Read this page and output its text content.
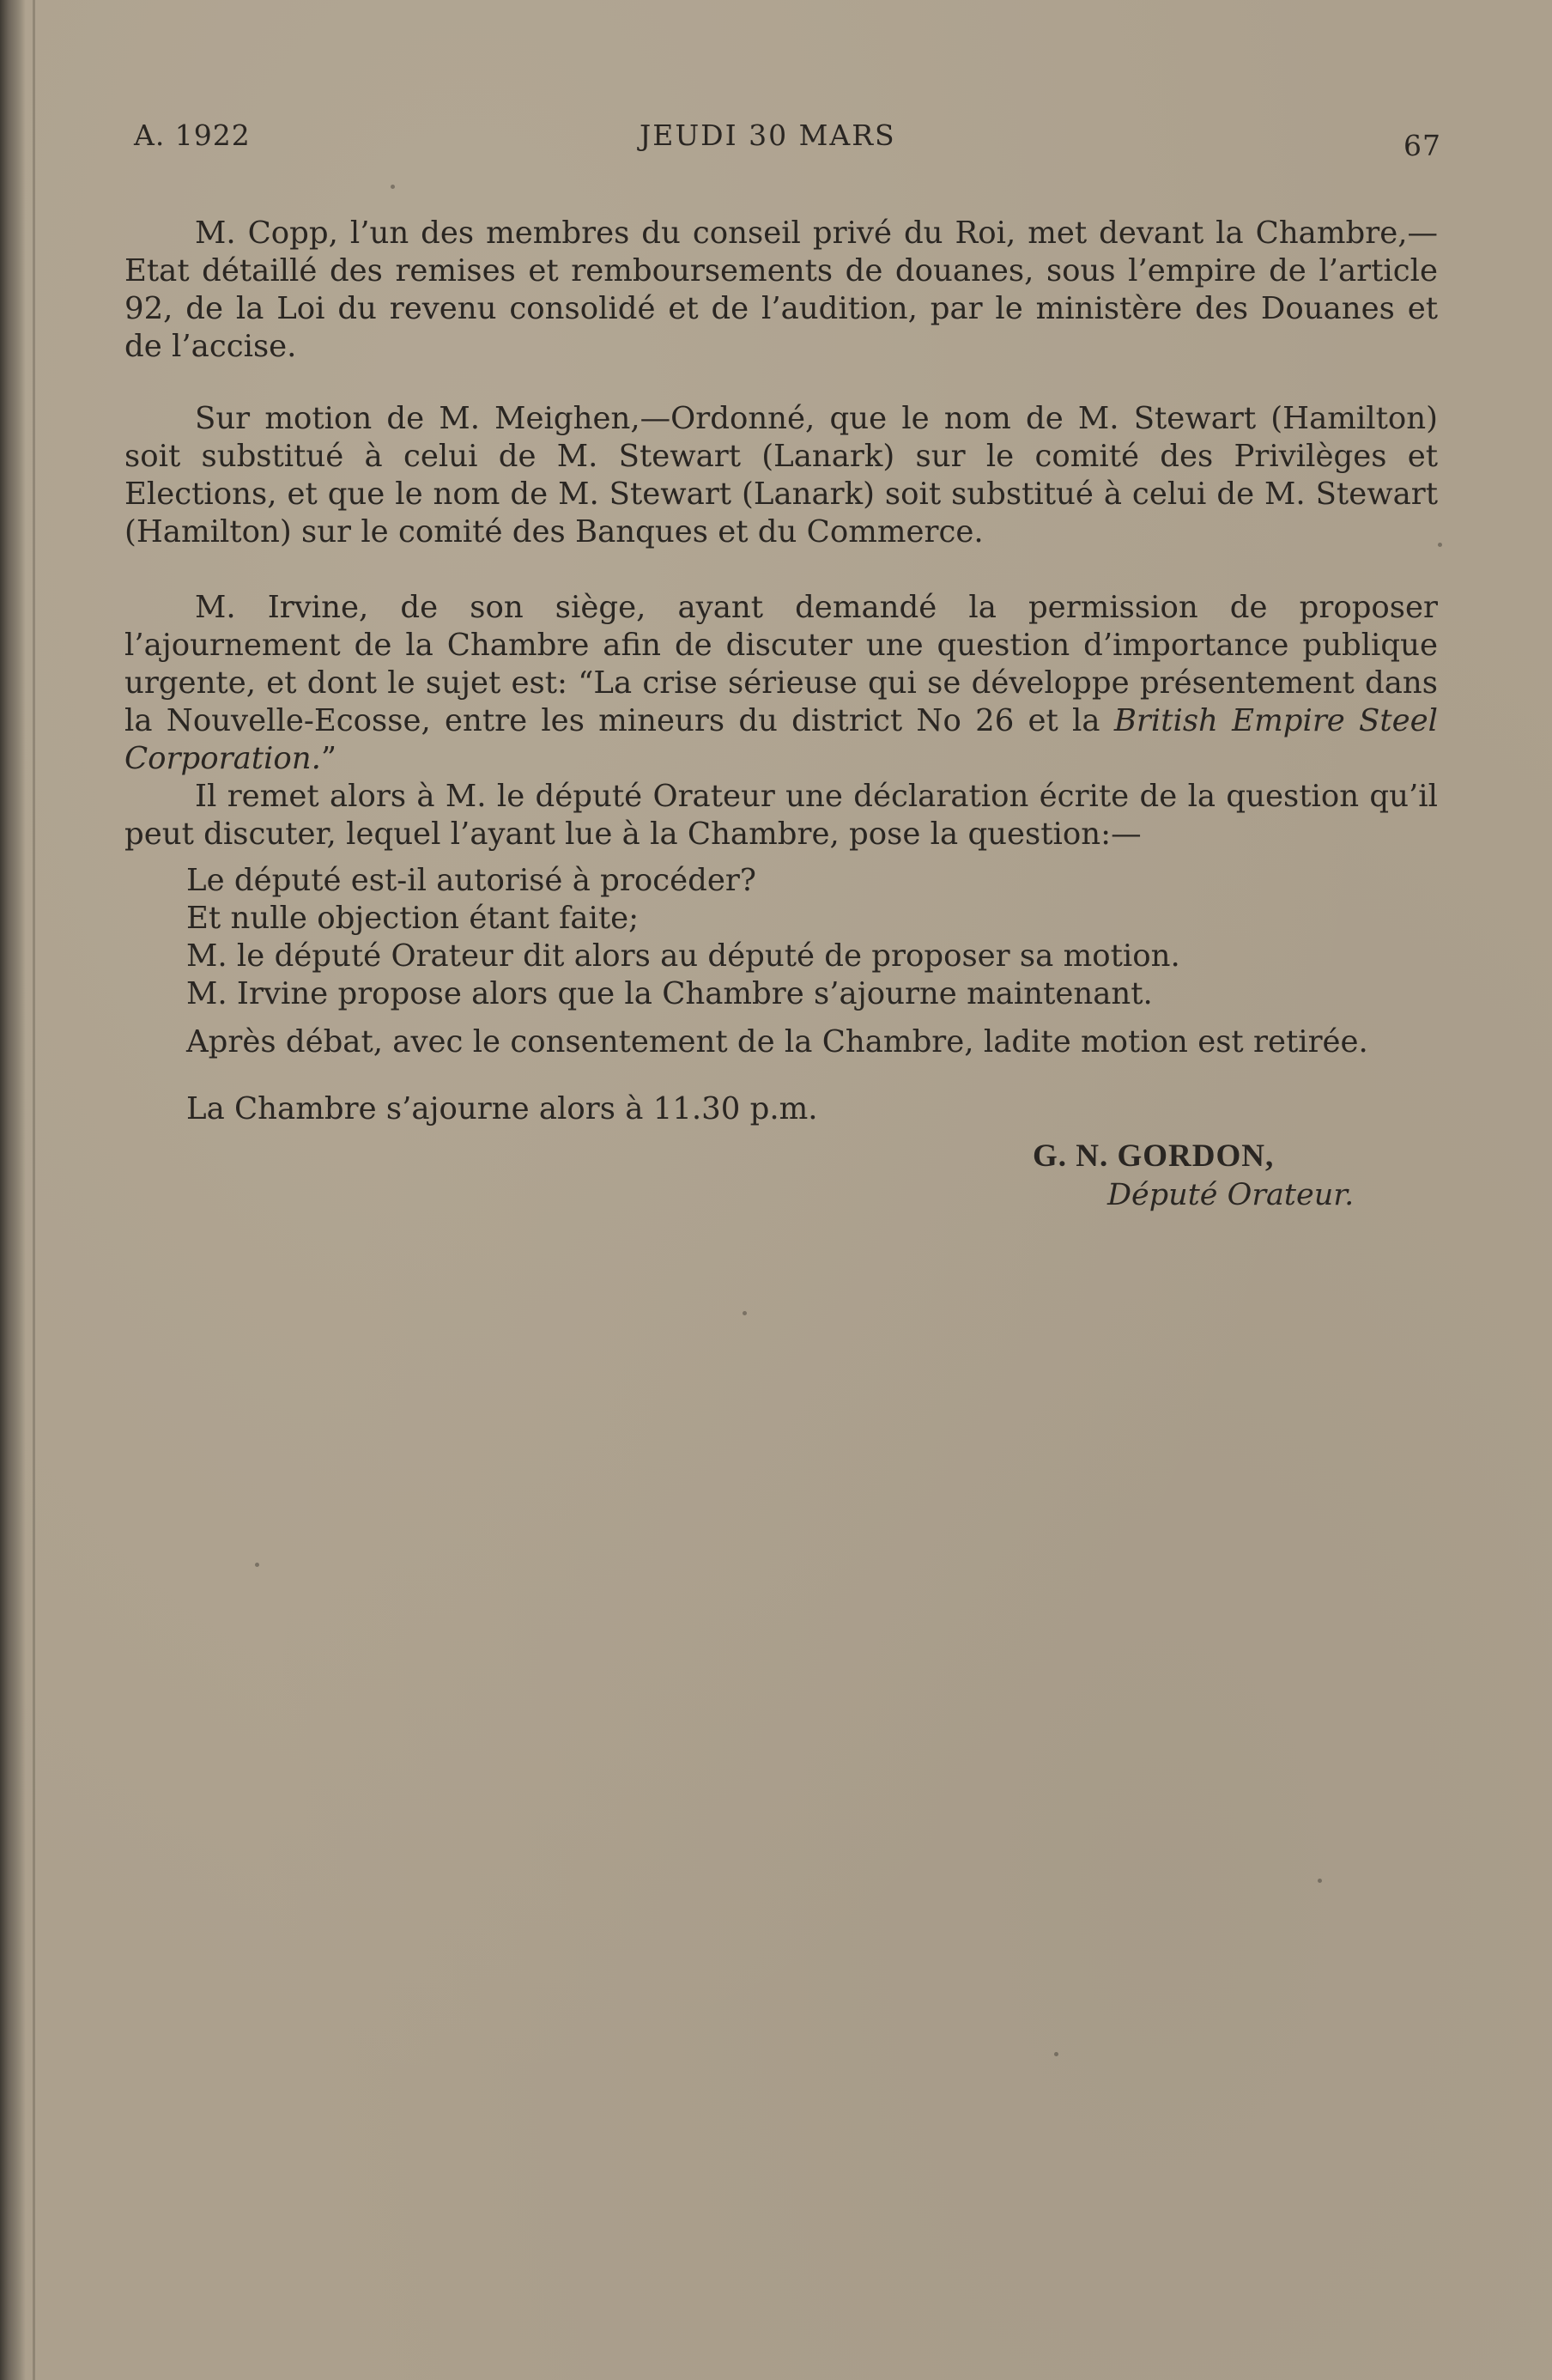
A. 1922	JEUDI 30 MARS	67

M. Copp, l’un des membres du conseil privé du Roi, met devant la Chambre,—Etat détaillé des remises et remboursements de douanes, sous l’empire de l’article 92, de la Loi du revenu consolidé et de l’audition, par le ministère des Douanes et de l’accise.

Sur motion de M. Meighen,—Ordonné, que le nom de M. Stewart (Hamilton) soit substitué à celui de M. Stewart (Lanark) sur le comité des Privilèges et Elections, et que le nom de M. Stewart (Lanark) soit substitué à celui de M. Stewart (Hamilton) sur le comité des Banques et du Commerce.

M. Irvine, de son siège, ayant demandé la permission de proposer l’ajournement de la Chambre afin de discuter une question d’importance publique urgente, et dont le sujet est: “La crise sérieuse qui se développe présentement dans la Nouvelle-Ecosse, entre les mineurs du district No 26 et la British Empire Steel Corporation.”

Il remet alors à M. le député Orateur une déclaration écrite de la question qu’il peut discuter, lequel l’ayant lue à la Chambre, pose la question:—

Le député est-il autorisé à procéder?

Et nulle objection étant faite;

M. le député Orateur dit alors au député de proposer sa motion.

M. Irvine propose alors que la Chambre s’ajourne maintenant.

Après débat, avec le consentement de la Chambre, ladite motion est retirée.

La Chambre s’ajourne alors à 11.30 p.m.

G. N. GORDON,
Député Orateur.
